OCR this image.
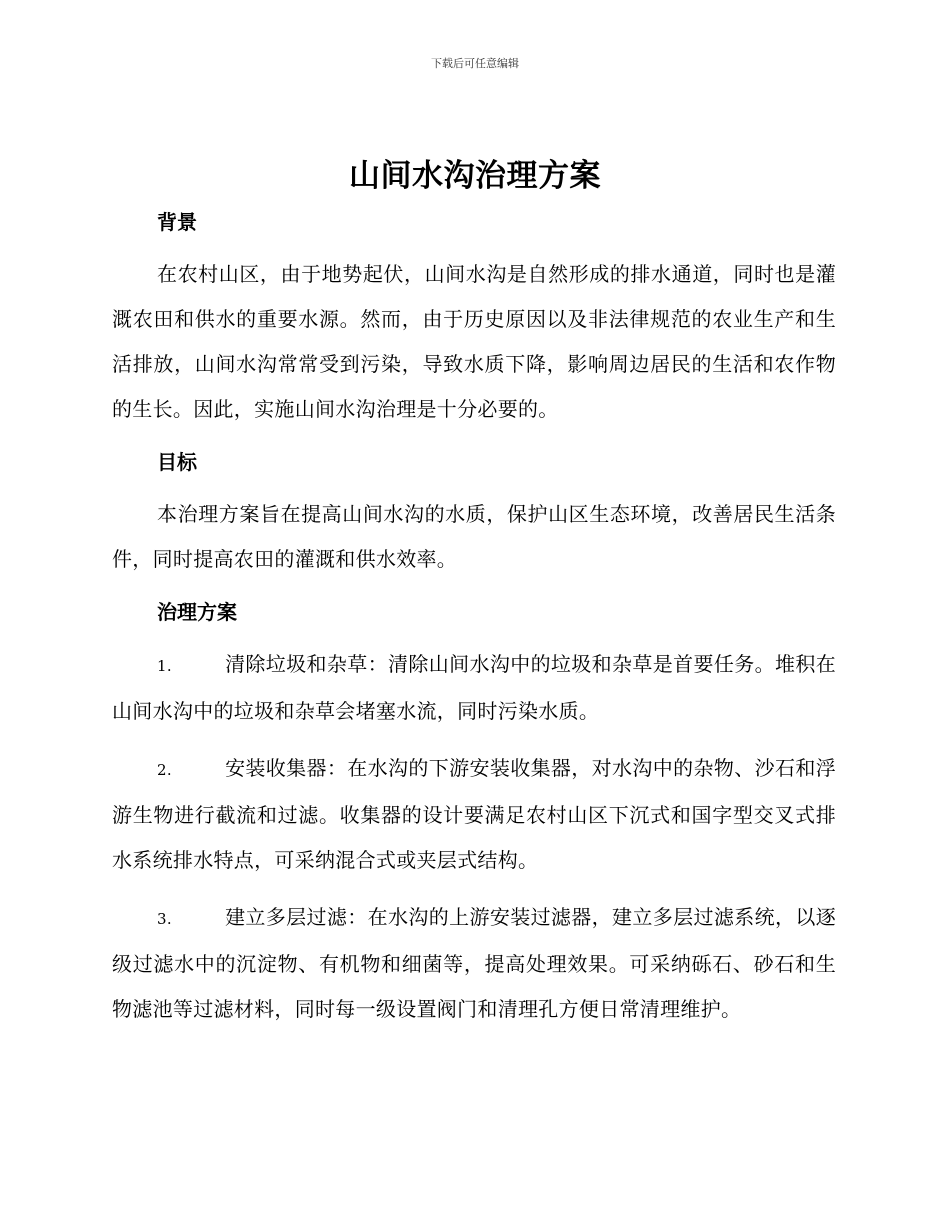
下载后可任意编辑
山间水沟治理方案
背景

在农村山区，由于地势起伏，山间水沟是自然形成的排水通道，同时也是灌溉农田和供水的重要水源。然而，由于历史原因以及非法律规范的农业生产和生活排放，山间水沟常常受到污染，导致水质下降，影响周边居民的生活和农作物的生长。因此，实施山间水沟治理是十分必要的。

目标

本治理方案旨在提高山间水沟的水质，保护山区生态环境，改善居民生活条件，同时提高农田的灌溉和供水效率。

治理方案

1.	清除垃圾和杂草：清除山间水沟中的垃圾和杂草是首要任务。堆积在山间水沟中的垃圾和杂草会堵塞水流，同时污染水质。

2.	安装收集器：在水沟的下游安装收集器，对水沟中的杂物、沙石和浮游生物进行截流和过滤。收集器的设计要满足农村山区下沉式和国字型交叉式排水系统排水特点，可采纳混合式或夹层式结构。

3.	建立多层过滤：在水沟的上游安装过滤器，建立多层过滤系统，以逐级过滤水中的沉淀物、有机物和细菌等，提高处理效果。可采纳砾石、砂石和生物滤池等过滤材料，同时每一级设置阀门和清理孔方便日常清理维护。
